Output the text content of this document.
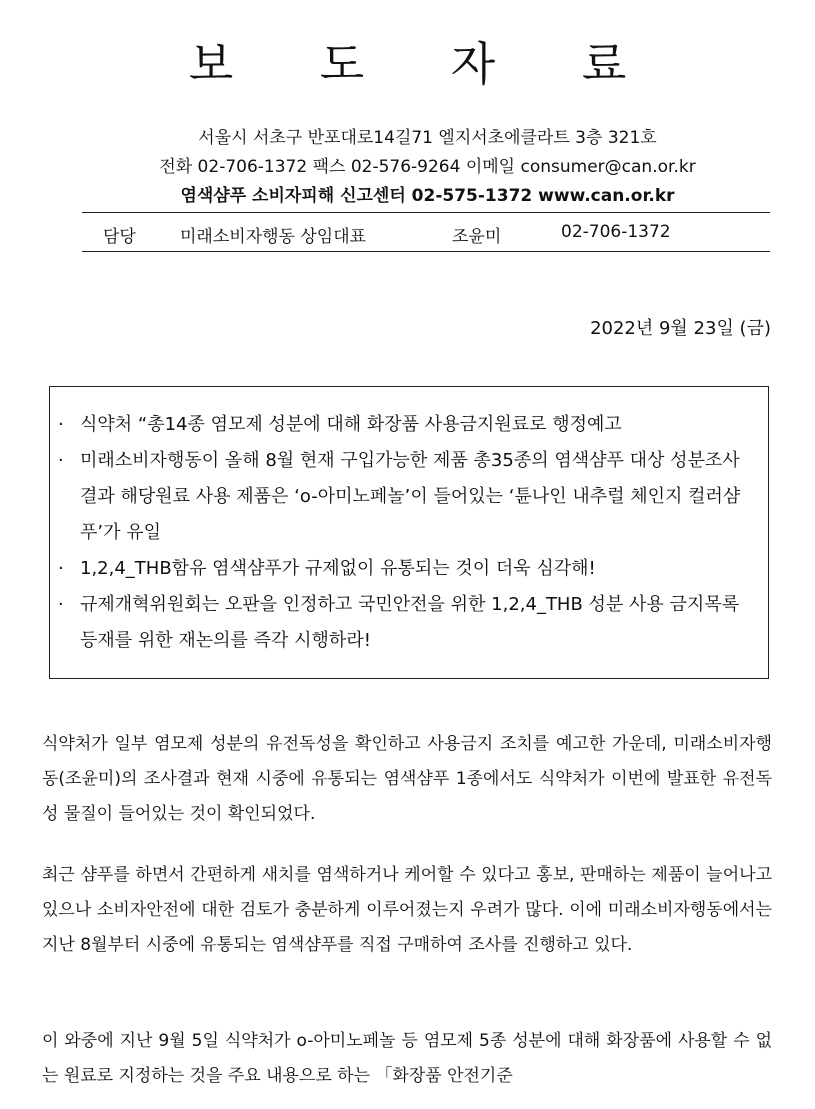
보 도 자 료
서울시 서초구 반포대로14길71 엘지서초에클라트 3층 321호
전화 02-706-1372 팩스 02-576-9264 이메일 consumer@can.or.kr
염색샴푸 소비자피해 신고센터 02-575-1372 www.can.or.kr
담당	미래소비자행동 상임대표	조윤미	02-706-1372
2022년 9월 23일 (금)
· 식약처 “총14종 염모제 성분에 대해 화장품 사용금지원료로 행정예고
· 미래소비자행동이 올해 8월 현재 구입가능한 제품 총35종의 염색샴푸 대상 성분조사결과 해당원료 사용 제품은 ‘o-아미노페놀’이 들어있는 ‘튠나인 내추럴 체인지 컬러샴푸’가 유일
· 1,2,4_THB함유 염색샴푸가 규제없이 유통되는 것이 더욱 심각해!
· 규제개혁위원회는 오판을 인정하고 국민안전을 위한 1,2,4_THB 성분 사용 금지목록 등재를 위한 재논의를 즉각 시행하라!

식약처가 일부 염모제 성분의 유전독성을 확인하고 사용금지 조치를 예고한 가운데, 미래소비자행동(조윤미)의 조사결과 현재 시중에 유통되는 염색샴푸 1종에서도 식약처가 이번에 발표한 유전독성 물질이 들어있는 것이 확인되었다.

최근 샴푸를 하면서 간편하게 새치를 염색하거나 케어할 수 있다고 홍보, 판매하는 제품이 늘어나고 있으나 소비자안전에 대한 검토가 충분하게 이루어졌는지 우려가 많다. 이에 미래소비자행동에서는 지난 8월부터 시중에 유통되는 염색샴푸를 직접 구매하여 조사를 진행하고 있다.

이 와중에 지난 9월 5일 식약처가 o-아미노페놀 등 염모제 5종 성분에 대해 화장품에 사용할 수 없는 원료로 지정하는 것을 주요 내용으로 하는 「화장품 안전기준
